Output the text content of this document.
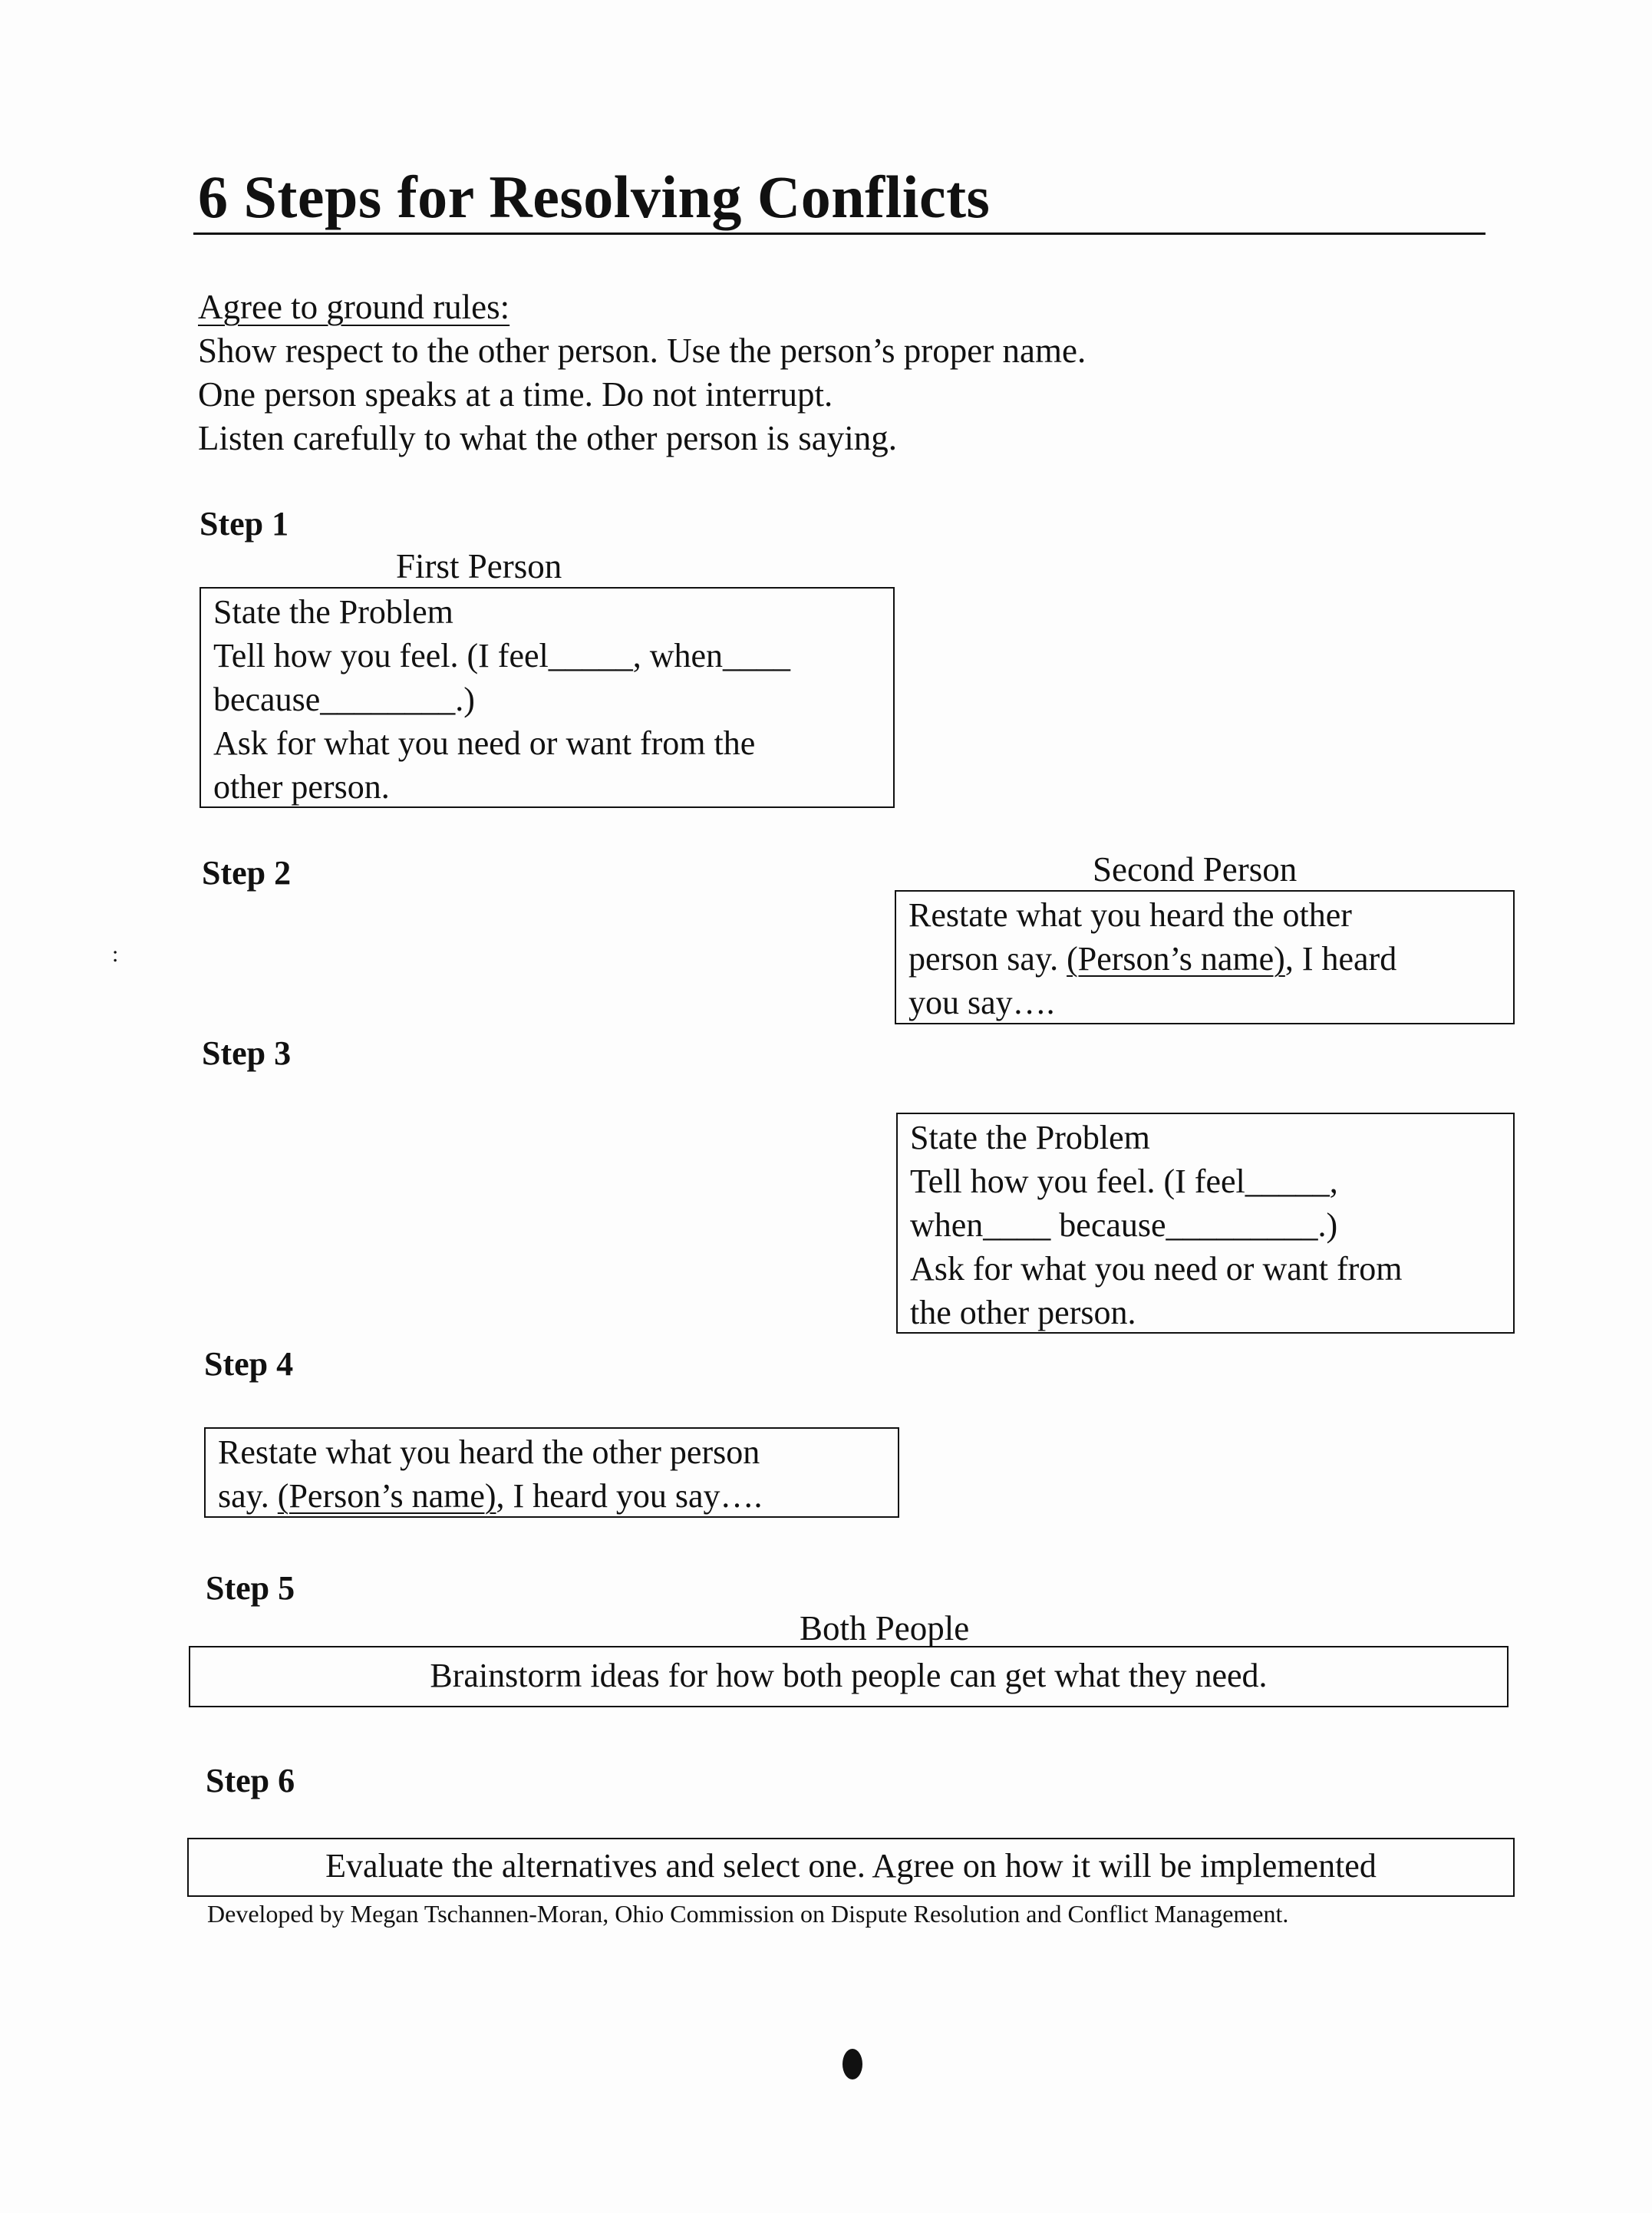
6 Steps for Resolving Conflicts
Agree to ground rules:
Show respect to the other person. Use the person’s proper name.
One person speaks at a time. Do not interrupt.
Listen carefully to what the other person is saying.
Step 1
First Person
State the Problem
Tell how you feel. (I feel_____, when____
because________.)
Ask for what you need or want from the
other person.
Step 2	Second Person
Restate what you heard the other
person say. (Person’s name), I heard
you say….
:
Step 3
State the Problem
Tell how you feel. (I feel_____,
when____ because_________.)
Ask for what you need or want from
the other person.
Step 4
Restate what you heard the other person
say. (Person’s name), I heard you say….
Step 5
Both People
Brainstorm ideas for how both people can get what they need.
Step 6
Evaluate the alternatives and select one. Agree on how it will be implemented
Developed by Megan Tschannen-Moran, Ohio Commission on Dispute Resolution and Conflict Management.
